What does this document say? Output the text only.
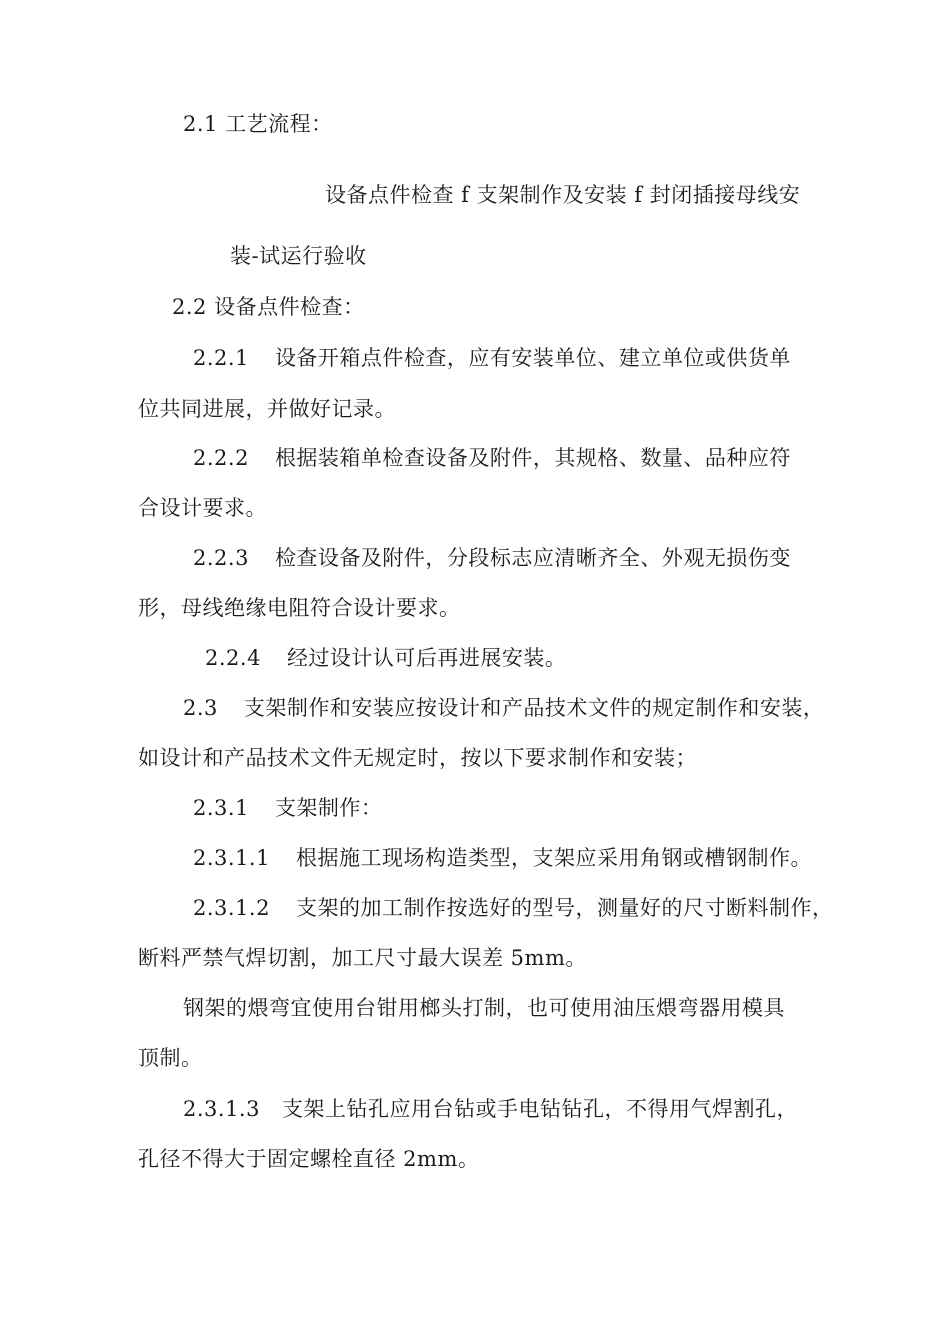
2.1 工艺流程：
设备点件检查 f 支架制作及安装 f 封闭插接母线安
装-试运行验收
2.2 设备点件检查：
2.2.1 设备开箱点件检查，应有安装单位、建立单位或供货单
位共同进展，并做好记录。
2.2.2 根据装箱单检查设备及附件，其规格、数量、品种应符
合设计要求。
2.2.3 检查设备及附件，分段标志应清晰齐全、外观无损伤变
形，母线绝缘电阻符合设计要求。
2.2.4 经过设计认可后再进展安装。
2.3 支架制作和安装应按设计和产品技术文件的规定制作和安装，
如设计和产品技术文件无规定时，按以下要求制作和安装；
2.3.1 支架制作：
2.3.1.1 根据施工现场构造类型，支架应采用角钢或槽钢制作。
2.3.1.2 支架的加工制作按选好的型号，测量好的尺寸断料制作，
断料严禁气焊切割，加工尺寸最大误差 5mm。
钢架的煨弯宜使用台钳用榔头打制，也可使用油压煨弯器用模具
顶制。
2.3.1.3 支架上钻孔应用台钻或手电钻钻孔，不得用气焊割孔，
孔径不得大于固定螺栓直径 2mm。
